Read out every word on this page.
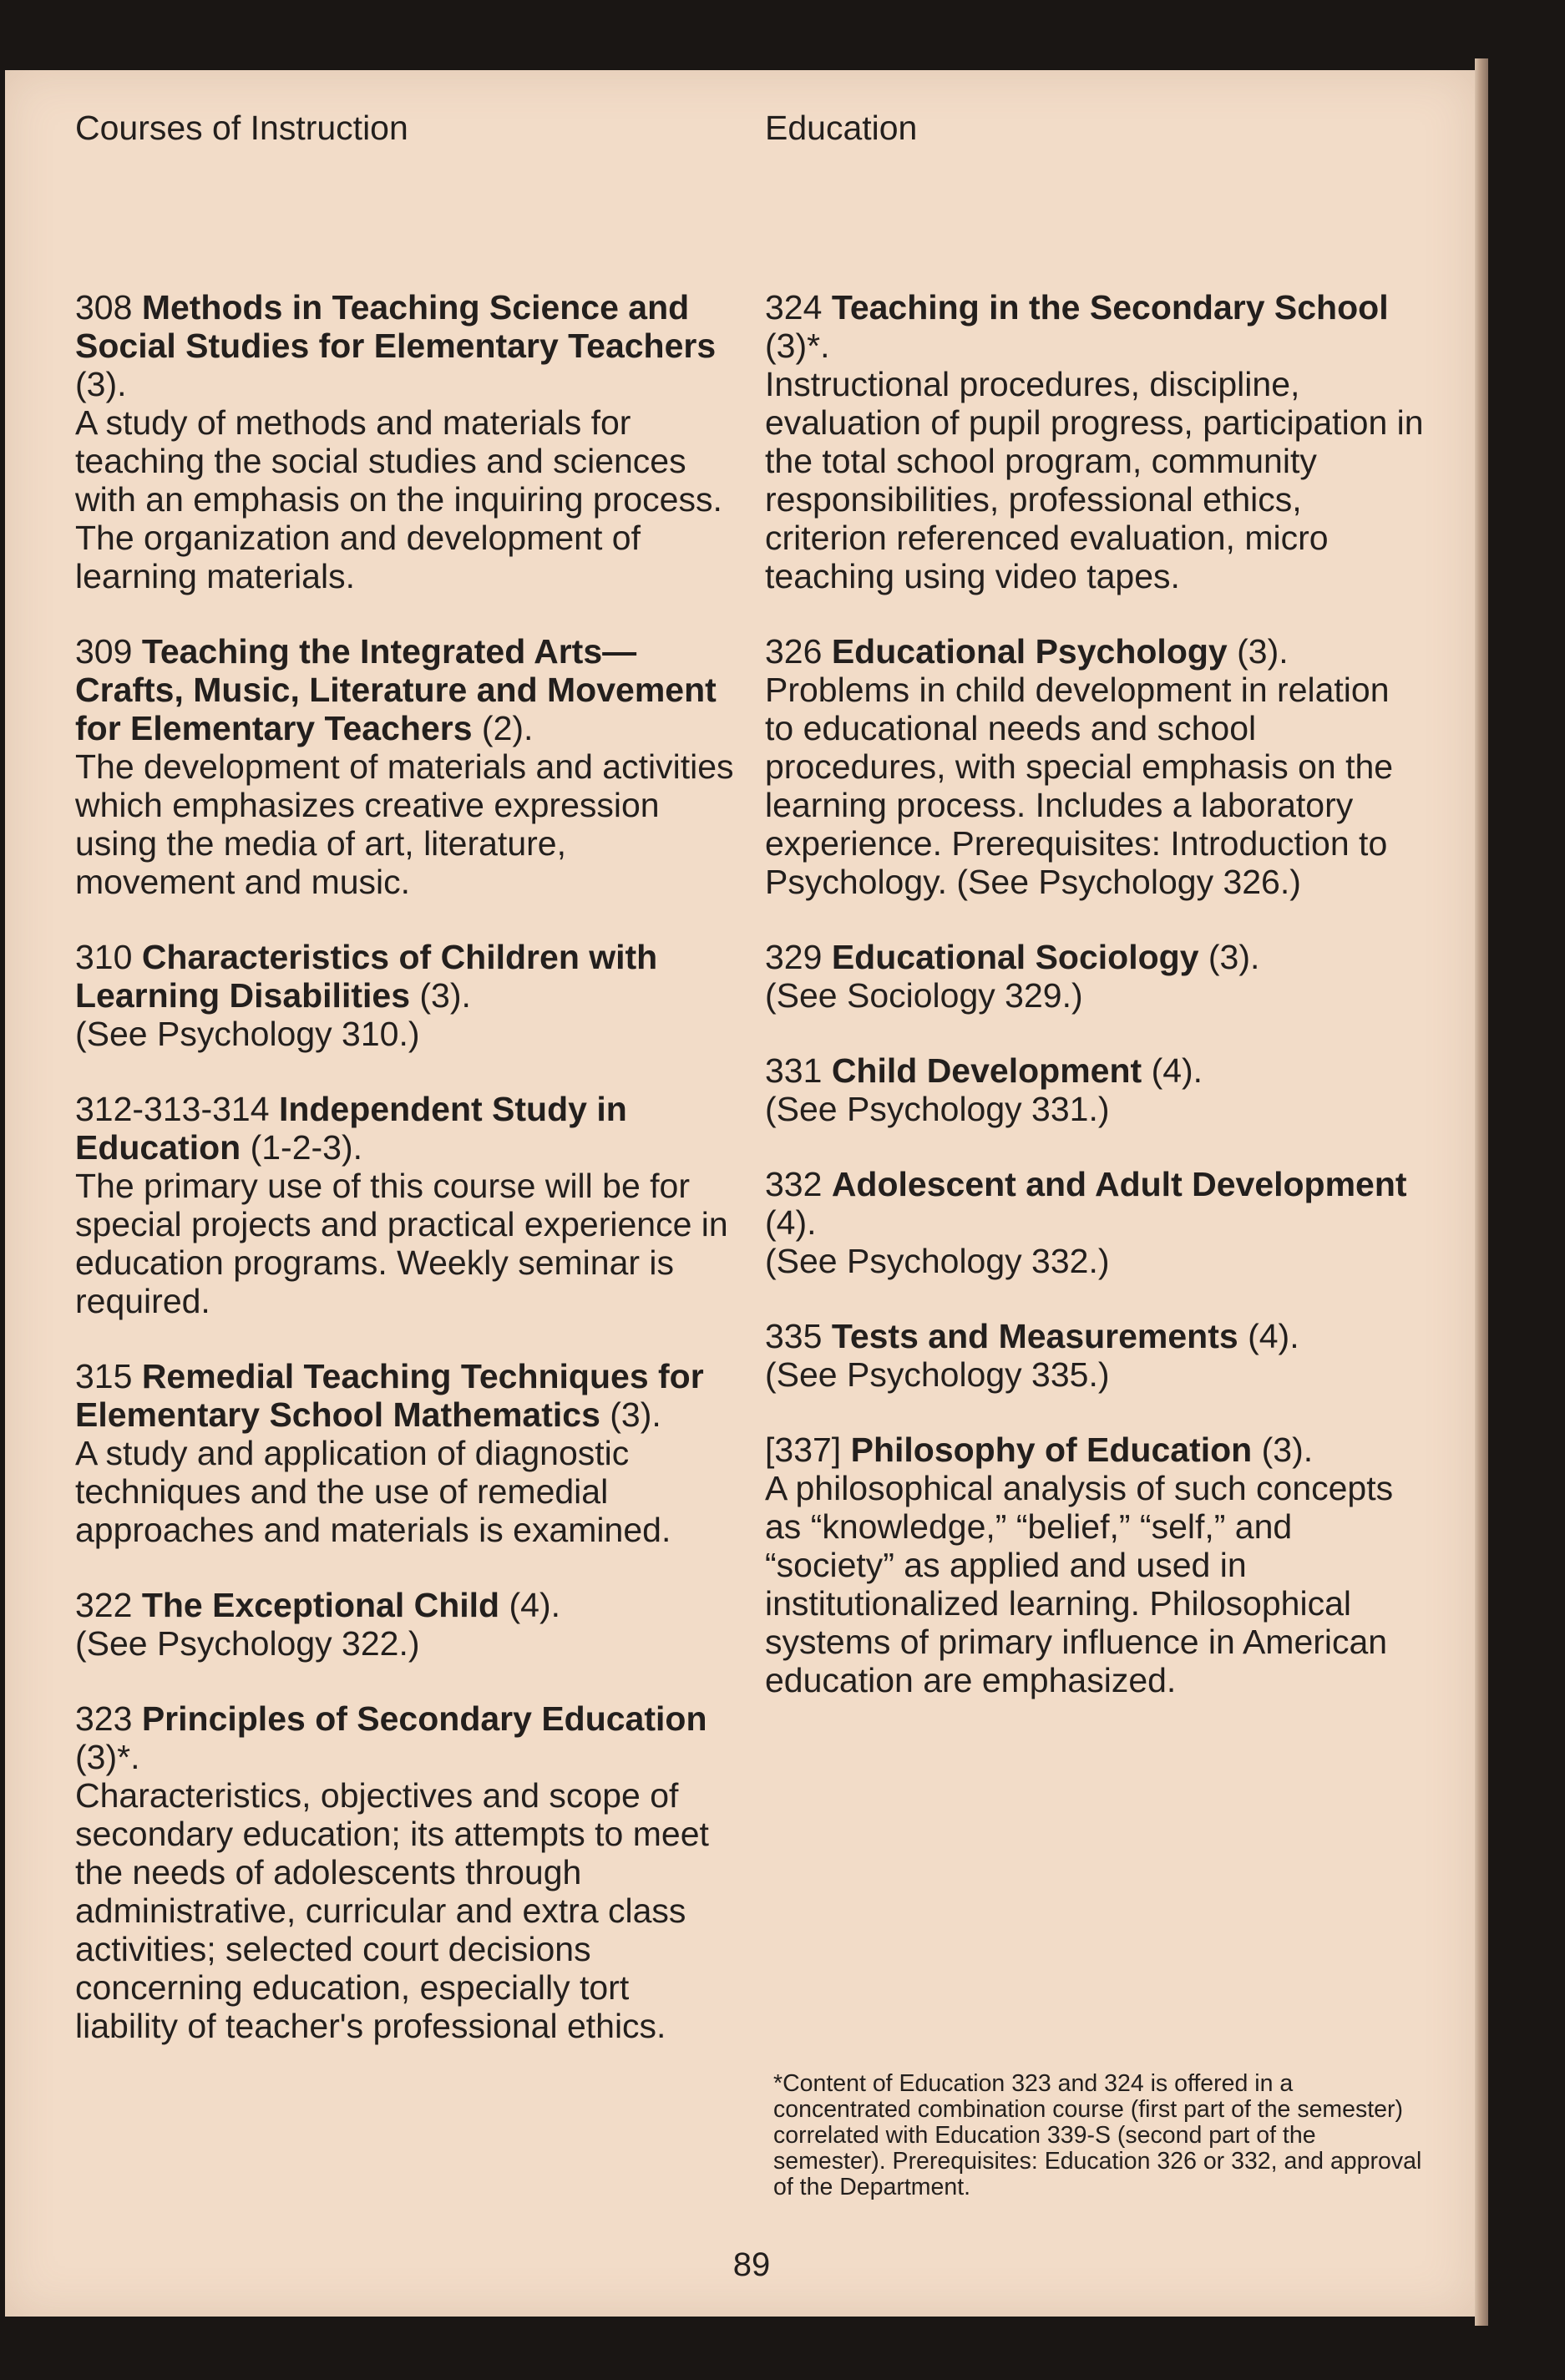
Courses of Instruction	Education

308 Methods in Teaching Science and Social Studies for Elementary Teachers (3).

A study of methods and materials for teaching the social studies and sciences with an emphasis on the inquiring process. The organization and development of learning materials.

309 Teaching the Integrated Arts—Crafts, Music, Literature and Movement for Elementary Teachers (2).

The development of materials and activities which emphasizes creative expression using the media of art, literature, movement and music.

310 Characteristics of Children with Learning Disabilities (3).

(See Psychology 310.)

312-313-314 Independent Study in Education (1-2-3).

The primary use of this course will be for special projects and practical experience in education programs. Weekly seminar is required.

315 Remedial Teaching Techniques for Elementary School Mathematics (3).

A study and application of diagnostic techniques and the use of remedial approaches and materials is examined.

322 The Exceptional Child (4).

(See Psychology 322.)

323 Principles of Secondary Education (3)*.

Characteristics, objectives and scope of secondary education; its attempts to meet the needs of adolescents through administrative, curricular and extra class activities; selected court decisions concerning education, especially tort liability of teacher's professional ethics.

324 Teaching in the Secondary School (3)*.

Instructional procedures, discipline, evaluation of pupil progress, participation in the total school program, community responsibilities, professional ethics, criterion referenced evaluation, micro teaching using video tapes.

326 Educational Psychology (3).

Problems in child development in relation to educational needs and school procedures, with special emphasis on the learning process. Includes a laboratory experience. Prerequisites: Introduction to Psychology. (See Psychology 326.)

329 Educational Sociology (3).

(See Sociology 329.)

331 Child Development (4).

(See Psychology 331.)

332 Adolescent and Adult Development (4).

(See Psychology 332.)

335 Tests and Measurements (4).

(See Psychology 335.)

[337] Philosophy of Education (3).

A philosophical analysis of such concepts as “knowledge,” “belief,” “self,” and “society” as applied and used in institutionalized learning. Philosophical systems of primary influence in American education are emphasized.

*Content of Education 323 and 324 is offered in a concentrated combination course (first part of the semester) correlated with Education 339-S (second part of the semester). Prerequisites: Education 326 or 332, and approval of the Department.
89
